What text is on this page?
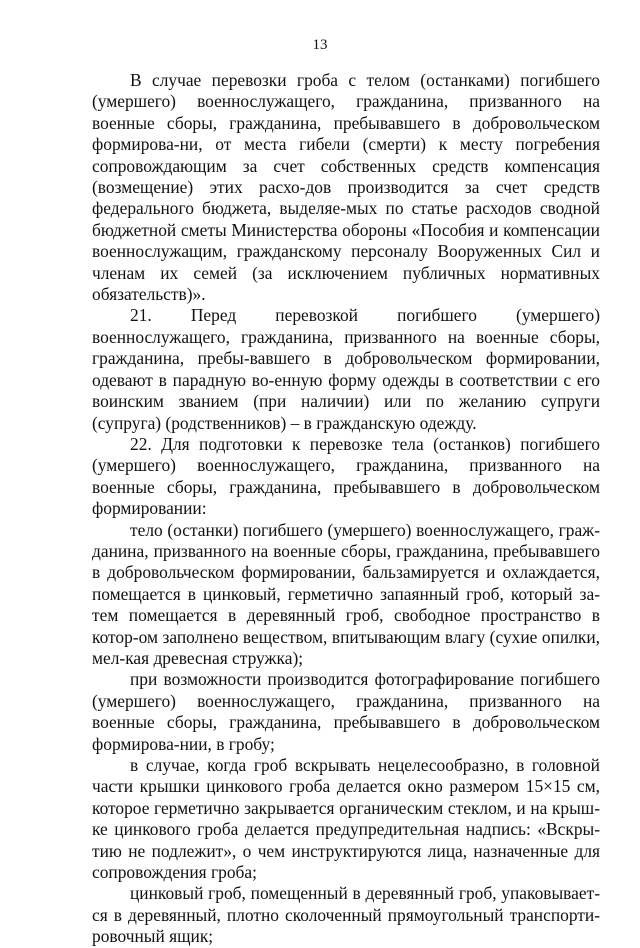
13

В случае перевозки гроба с телом (останками) погибшего (умершего) военнослужащего, гражданина, призванного на военные сборы, гражданина, пребывавшего в добровольческом формирова-ни, от места гибели (смерти) к месту погребения сопровождающим за счет собственных средств компенсация (возмещение) этих расхо-дов производится за счет средств федерального бюджета, выделяе-мых по статье расходов сводной бюджетной сметы Министерства обороны «Пособия и компенсации военнослужащим, гражданскому персоналу Вооруженных Сил и членам их семей (за исключением публичных нормативных обязательств)».

21. Перед перевозкой погибшего (умершего) военнослужащего, гражданина, призванного на военные сборы, гражданина, пребы-вавшего в добровольческом формировании, одевают в парадную во-енную форму одежды в соответствии с его воинским званием (при наличии) или по желанию супруги (супруга) (родственников) – в гражданскую одежду.

22. Для подготовки к перевозке тела (останков) погибшего (умершего) военнослужащего, гражданина, призванного на военные сборы, гражданина, пребывавшего в добровольческом формировании:

тело (останки) погибшего (умершего) военнослужащего, граж-данина, призванного на военные сборы, гражданина, пребывавшего в добровольческом формировании, бальзамируется и охлаждается, помещается в цинковый, герметично запаянный гроб, который за-тем помещается в деревянный гроб, свободное пространство в котор-ом заполнено веществом, впитывающим влагу (сухие опилки, мел-кая древесная стружка);

при возможности производится фотографирование погибшего (умершего) военнослужащего, гражданина, призванного на военные сборы, гражданина, пребывавшего в добровольческом формирова-нии, в гробу;

в случае, когда гроб вскрывать нецелесообразно, в головной части крышки цинкового гроба делается окно размером 15×15 см, которое герметично закрывается органическим стеклом, и на крыш-ке цинкового гроба делается предупредительная надпись: «Вскры-тию не подлежит», о чем инструктируются лица, назначенные для сопровождения гроба;

цинковый гроб, помещенный в деревянный гроб, упаковывает-ся в деревянный, плотно сколоченный прямоугольный транспорти-ровочный ящик;
